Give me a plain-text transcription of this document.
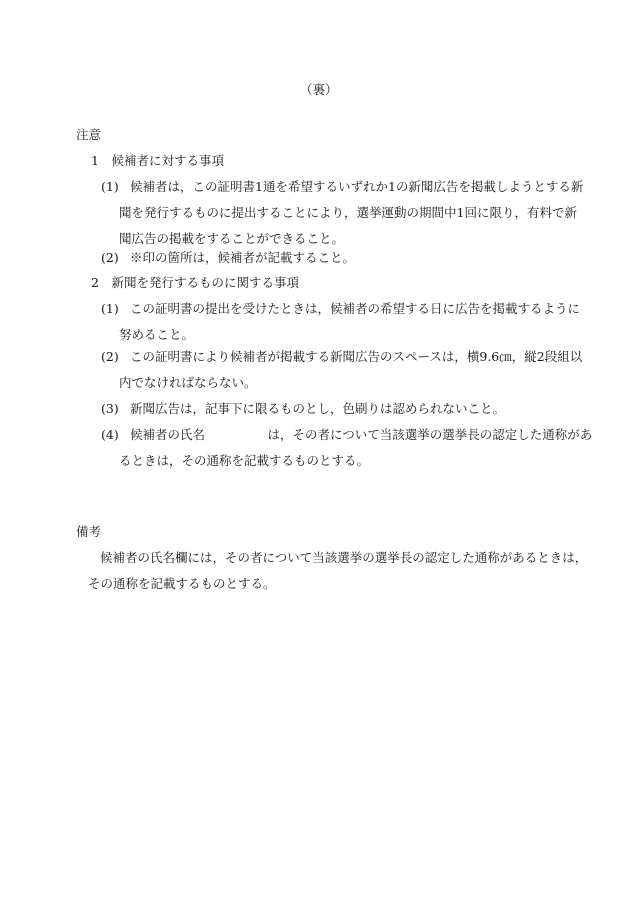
（裏）
注意
1　候補者に対する事項
(1) 候補者は，この証明書1通を希望するいずれか1の新聞広告を掲載しようとする新
聞を発行するものに提出することにより，選挙運動の期間中1回に限り，有料で新
聞広告の掲載をすることができること。
(2) ※印の箇所は，候補者が記載すること。
2　新聞を発行するものに関する事項
(1) この証明書の提出を受けたときは，候補者の希望する日に広告を掲載するように
努めること。
(2) この証明書により候補者が掲載する新聞広告のスペースは，横9.6㎝，縦2段組以
内でなければならない。
(3) 新聞広告は，記事下に限るものとし，色刷りは認められないこと。
(4) 候補者の氏名　　　　　は，その者について当該選挙の選挙長の認定した通称があ
るときは，その通称を記載するものとする。
備考
候補者の氏名欄には，その者について当該選挙の選挙長の認定した通称があるときは，
その通称を記載するものとする。
